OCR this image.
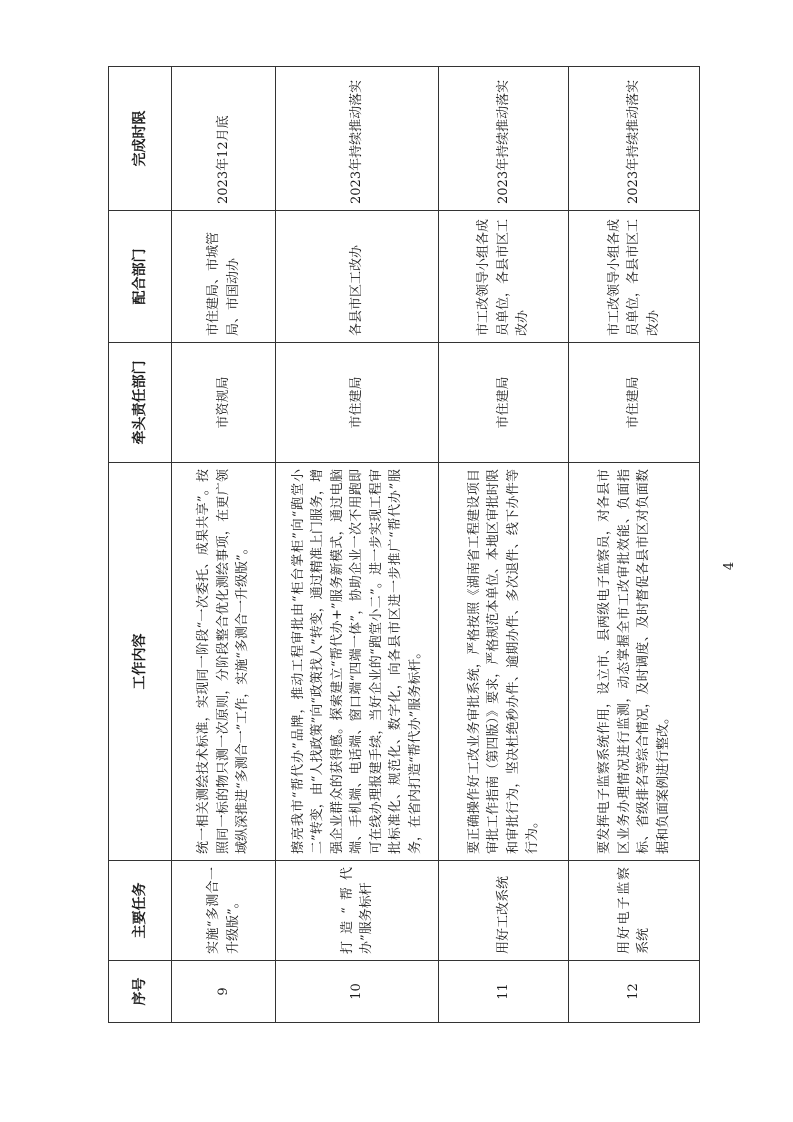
序号	主要任务	工作内容	牵头责任部门	配合部门	完成时限
9	实施“多测合一升级版”。	统一相关测绘技术标准，实现同一阶段“一次委托、成果共享”。按照同一标的物只测一次原则，分阶段整合优化测绘事项，在更广领域纵深推进“多测合一”工作，实施“多测合一升级版”。	市资规局	市住建局、市城管局、市国动办	2023年12月底
10	打造“帮代办”服务标杆	擦亮我市“帮代办”品牌，推动工程审批由“柜台掌柜”向“跑堂小二”转变，由“人找政策”向“政策找人”转变，通过精准上门服务，增强企业群众的获得感。探索建立“帮代办+”服务新模式，通过电脑端、手机端、电话端、窗口端“四端一体”，协助企业一次不用跑即可在线办理报建手续，当好企业的“跑堂小二”。进一步实现工程审批标准化、规范化、数字化，向各县市区进一步推广“帮代办”服务，在省内打造“帮代办”服务标杆。	市住建局	各县市区工改办	2023年持续推动落实
11	用好工改系统	要正确操作好工改业务审批系统，严格按照《湖南省工程建设项目审批工作指南（第四版）》要求，严格规范本单位、本地区审批时限和审批行为，坚决杜绝秒办件、逾期办件、多次退件、线下办件等行为。	市住建局	市工改领导小组各成员单位，各县市区工改办	2023年持续推动落实
12	用好电子监察系统	要发挥电子监察系统作用，设立市、县两级电子监察员，对各县市区业务办理情况进行监测，动态掌握全市工改审批效能、负面指标、省级排名等综合情况，及时调度、及时督促各县市区对负面数据和负面案例进行整改。	市住建局	市工改领导小组各成员单位，各县市区工改办	2023年持续推动落实
4
